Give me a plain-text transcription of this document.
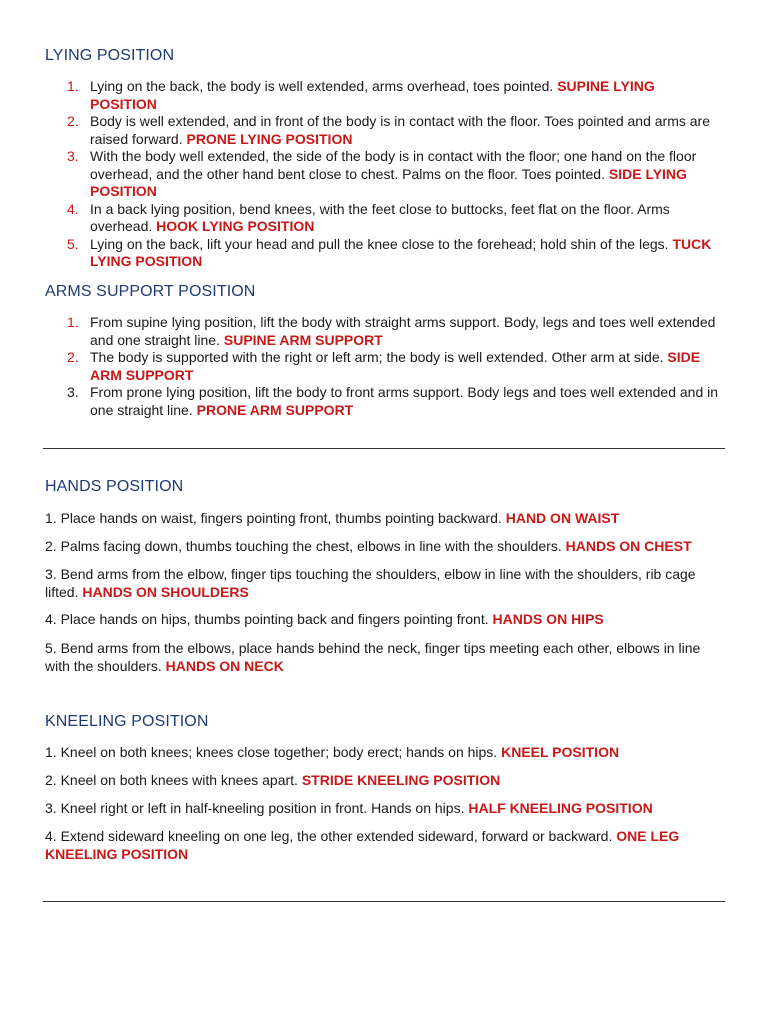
LYING POSITION
1. Lying on the back, the body is well extended, arms overhead, toes pointed. SUPINE LYING POSITION
2. Body is well extended, and in front of the body is in contact with the floor. Toes pointed and arms are raised forward. PRONE LYING POSITION
3. With the body well extended, the side of the body is in contact with the floor; one hand on the floor overhead, and the other hand bent close to chest. Palms on the floor. Toes pointed. SIDE LYING POSITION
4. In a back lying position, bend knees, with the feet close to buttocks, feet flat on the floor. Arms overhead. HOOK LYING POSITION
5. Lying on the back, lift your head and pull the knee close to the forehead; hold shin of the legs. TUCK LYING POSITION
ARMS SUPPORT POSITION
1. From supine lying position, lift the body with straight arms support. Body, legs and toes well extended and one straight line. SUPINE ARM SUPPORT
2. The body is supported with the right or left arm; the body is well extended. Other arm at side. SIDE ARM SUPPORT
3. From prone lying position, lift the body to front arms support. Body legs and toes well extended and in one straight line. PRONE ARM SUPPORT
HANDS POSITION

1. Place hands on waist, fingers pointing front, thumbs pointing backward. HAND ON WAIST

2. Palms facing down, thumbs touching the chest, elbows in line with the shoulders. HANDS ON CHEST

3. Bend arms from the elbow, finger tips touching the shoulders, elbow in line with the shoulders, rib cage lifted. HANDS ON SHOULDERS

4. Place hands on hips, thumbs pointing back and fingers pointing front. HANDS ON HIPS

5. Bend arms from the elbows, place hands behind the neck, finger tips meeting each other, elbows in line with the shoulders. HANDS ON NECK

KNEELING POSITION

1. Kneel on both knees; knees close together; body erect; hands on hips. KNEEL POSITION

2. Kneel on both knees with knees apart. STRIDE KNEELING POSITION

3. Kneel right or left in half-kneeling position in front. Hands on hips. HALF KNEELING POSITION

4. Extend sideward kneeling on one leg, the other extended sideward, forward or backward. ONE LEG KNEELING POSITION
